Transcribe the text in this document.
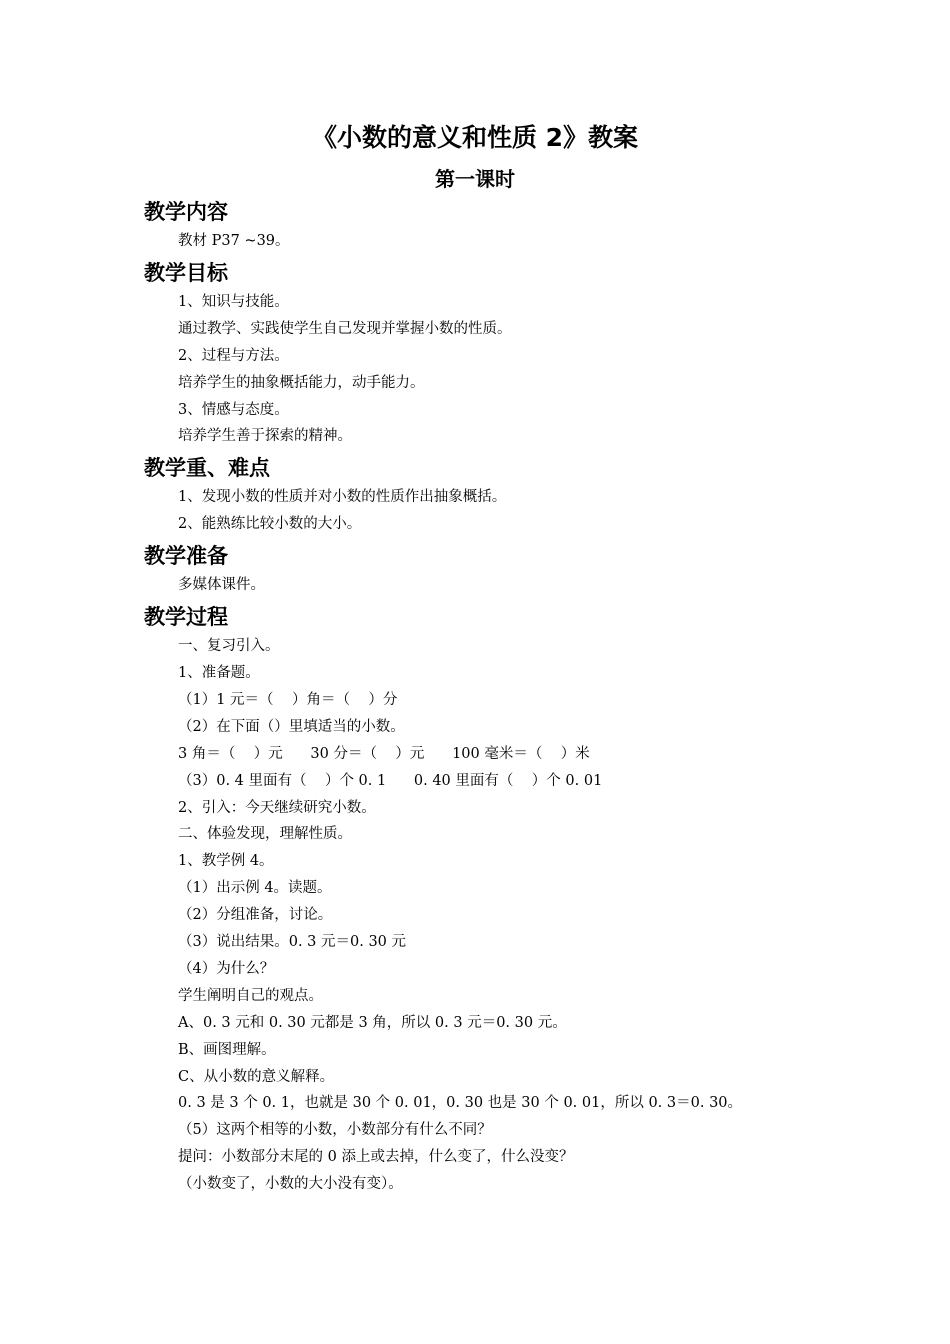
《小数的意义和性质 2》教案
第一课时
教学内容
教材 P37 ~39。
教学目标
1、知识与技能。
通过教学、实践使学生自己发现并掌握小数的性质。
2、过程与方法。
培养学生的抽象概括能力，动手能力。
3、情感与态度。
培养学生善于探索的精神。
教学重、难点
1、发现小数的性质并对小数的性质作出抽象概括。
2、能熟练比较小数的大小。
教学准备
多媒体课件。
教学过程
一、复习引入。
1、准备题。
（1）1 元＝（    ）角＝（    ）分
（2）在下面（）里填适当的小数。
3 角＝（    ）元      30 分＝（    ）元      100 毫米＝（    ）米
（3）0. 4 里面有（    ）个 0. 1      0. 40 里面有（    ）个 0. 01
2、引入：今天继续研究小数。
二、体验发现，理解性质。
1、教学例 4。
（1）出示例 4。读题。
（2）分组准备，讨论。
（3）说出结果。0. 3 元＝0. 30 元
（4）为什么？
学生阐明自己的观点。
A、0. 3 元和 0. 30 元都是 3 角，所以 0. 3 元＝0. 30 元。
B、画图理解。
C、从小数的意义解释。
0. 3 是 3 个 0. 1，也就是 30 个 0. 01，0. 30 也是 30 个 0. 01，所以 0. 3＝0. 30。
（5）这两个相等的小数，小数部分有什么不同？
提问：小数部分末尾的 0 添上或去掉，什么变了，什么没变？
（小数变了，小数的大小没有变）。
